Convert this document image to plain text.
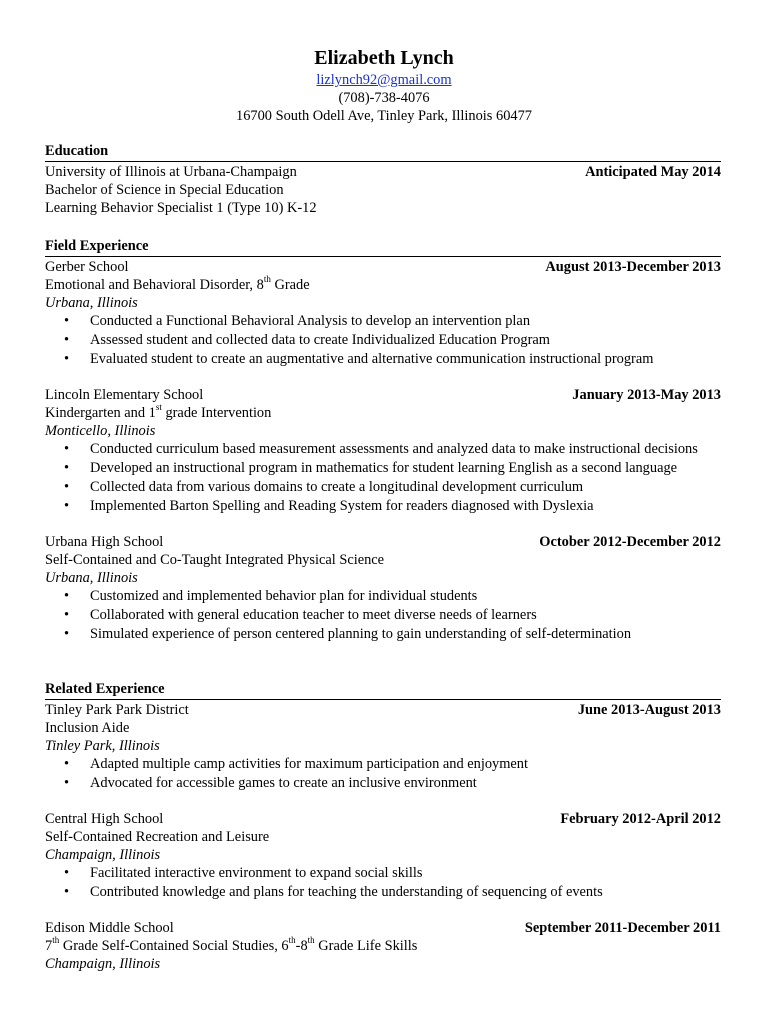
Elizabeth Lynch
lizlynch92@gmail.com
(708)-738-4076
16700 South Odell Ave, Tinley Park, Illinois 60477
Education
University of Illinois at Urbana-Champaign	Anticipated May 2014
Bachelor of Science in Special Education
Learning Behavior Specialist 1 (Type 10) K-12
Field Experience
Gerber School	August 2013-December 2013
Emotional and Behavioral Disorder, 8th Grade
Urbana, Illinois
• Conducted a Functional Behavioral Analysis to develop an intervention plan
• Assessed student and collected data to create Individualized Education Program
• Evaluated student to create an augmentative and alternative communication instructional program
Lincoln Elementary School	January 2013-May 2013
Kindergarten and 1st grade Intervention
Monticello, Illinois
• Conducted curriculum based measurement assessments and analyzed data to make instructional decisions
• Developed an instructional program in mathematics for student learning English as a second language
• Collected data from various domains to create a longitudinal development curriculum
• Implemented Barton Spelling and Reading System for readers diagnosed with Dyslexia
Urbana High School	October 2012-December 2012
Self-Contained and Co-Taught Integrated Physical Science
Urbana, Illinois
• Customized and implemented behavior plan for individual students
• Collaborated with general education teacher to meet diverse needs of learners
• Simulated experience of person centered planning to gain understanding of self-determination
Related Experience
Tinley Park Park District	June 2013-August 2013
Inclusion Aide
Tinley Park, Illinois
• Adapted multiple camp activities for maximum participation and enjoyment
• Advocated for accessible games to create an inclusive environment
Central High School	February 2012-April 2012
Self-Contained Recreation and Leisure
Champaign, Illinois
• Facilitated interactive environment to expand social skills
• Contributed knowledge and plans for teaching the understanding of sequencing of events
Edison Middle School	September 2011-December 2011
7th Grade Self-Contained Social Studies, 6th-8th Grade Life Skills
Champaign, Illinois
